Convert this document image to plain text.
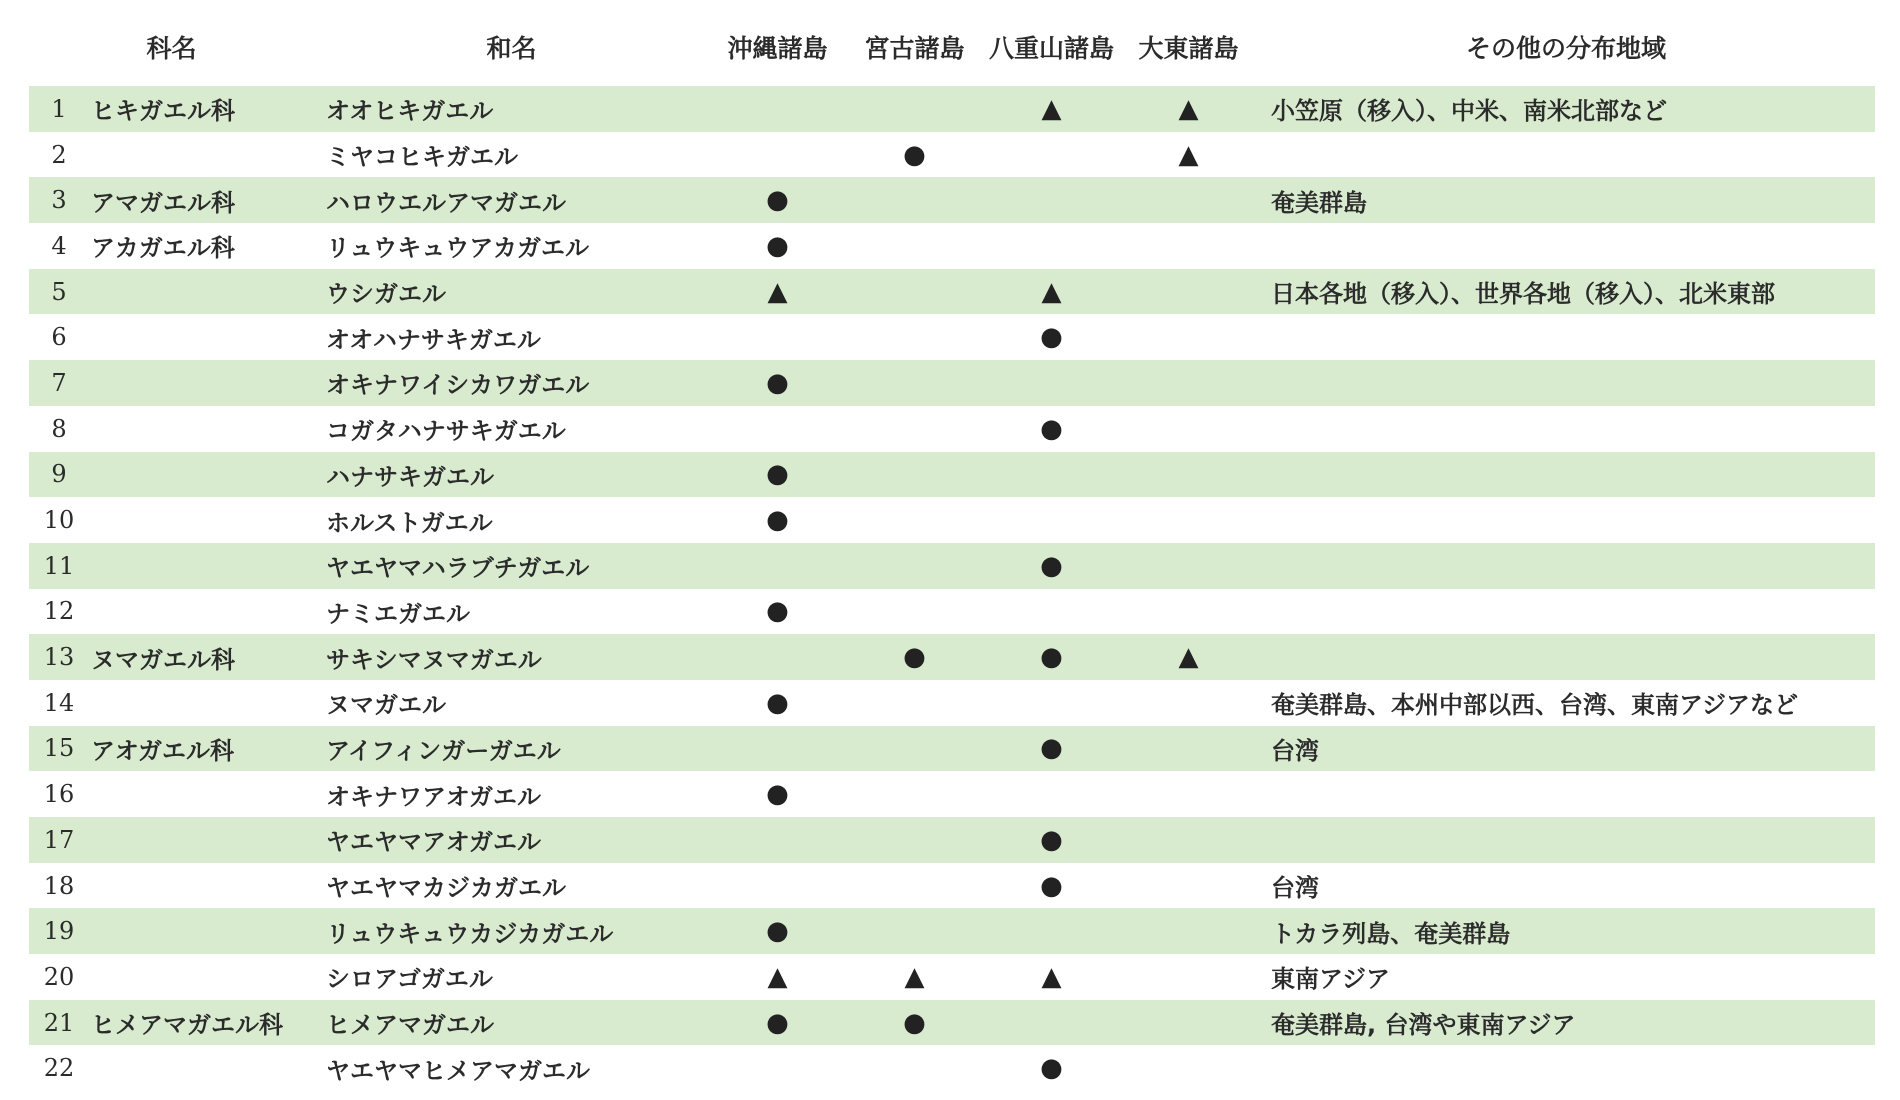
科名		和名	沖縄諸島	宮古諸島	八重山諸島	大東諸島	その他の分布地域

1	ヒキガエル科	オオヒキガエル			▲	▲	小笠原（移入）、中米、南米北部など
2		ミヤコヒキガエル		●		▲	
3	アマガエル科	ハロウエルアマガエル	●				奄美群島
4	アカガエル科	リュウキュウアカガエル	●				
5		ウシガエル	▲		▲		日本各地（移入）、世界各地（移入）、北米東部
6		オオハナサキガエル			●		
7		オキナワイシカワガエル	●				
8		コガタハナサキガエル			●		
9		ハナサキガエル	●				
10		ホルストガエル	●				
11		ヤエヤマハラブチガエル			●		
12		ナミエガエル	●				
13	ヌマガエル科	サキシマヌマガエル		●	●	▲	
14		ヌマガエル	●				奄美群島、本州中部以西、台湾、東南アジアなど
15	アオガエル科	アイフィンガーガエル			●		台湾
16		オキナワアオガエル	●				
17		ヤエヤマアオガエル			●		
18		ヤエヤマカジカガエル			●		台湾
19		リュウキュウカジカガエル	●				トカラ列島、奄美群島
20		シロアゴガエル	▲	▲	▲		東南アジア
21	ヒメアマガエル科	ヒメアマガエル	●	●			奄美群島, 台湾や東南アジア
22		ヤエヤマヒメアマガエル			●		
